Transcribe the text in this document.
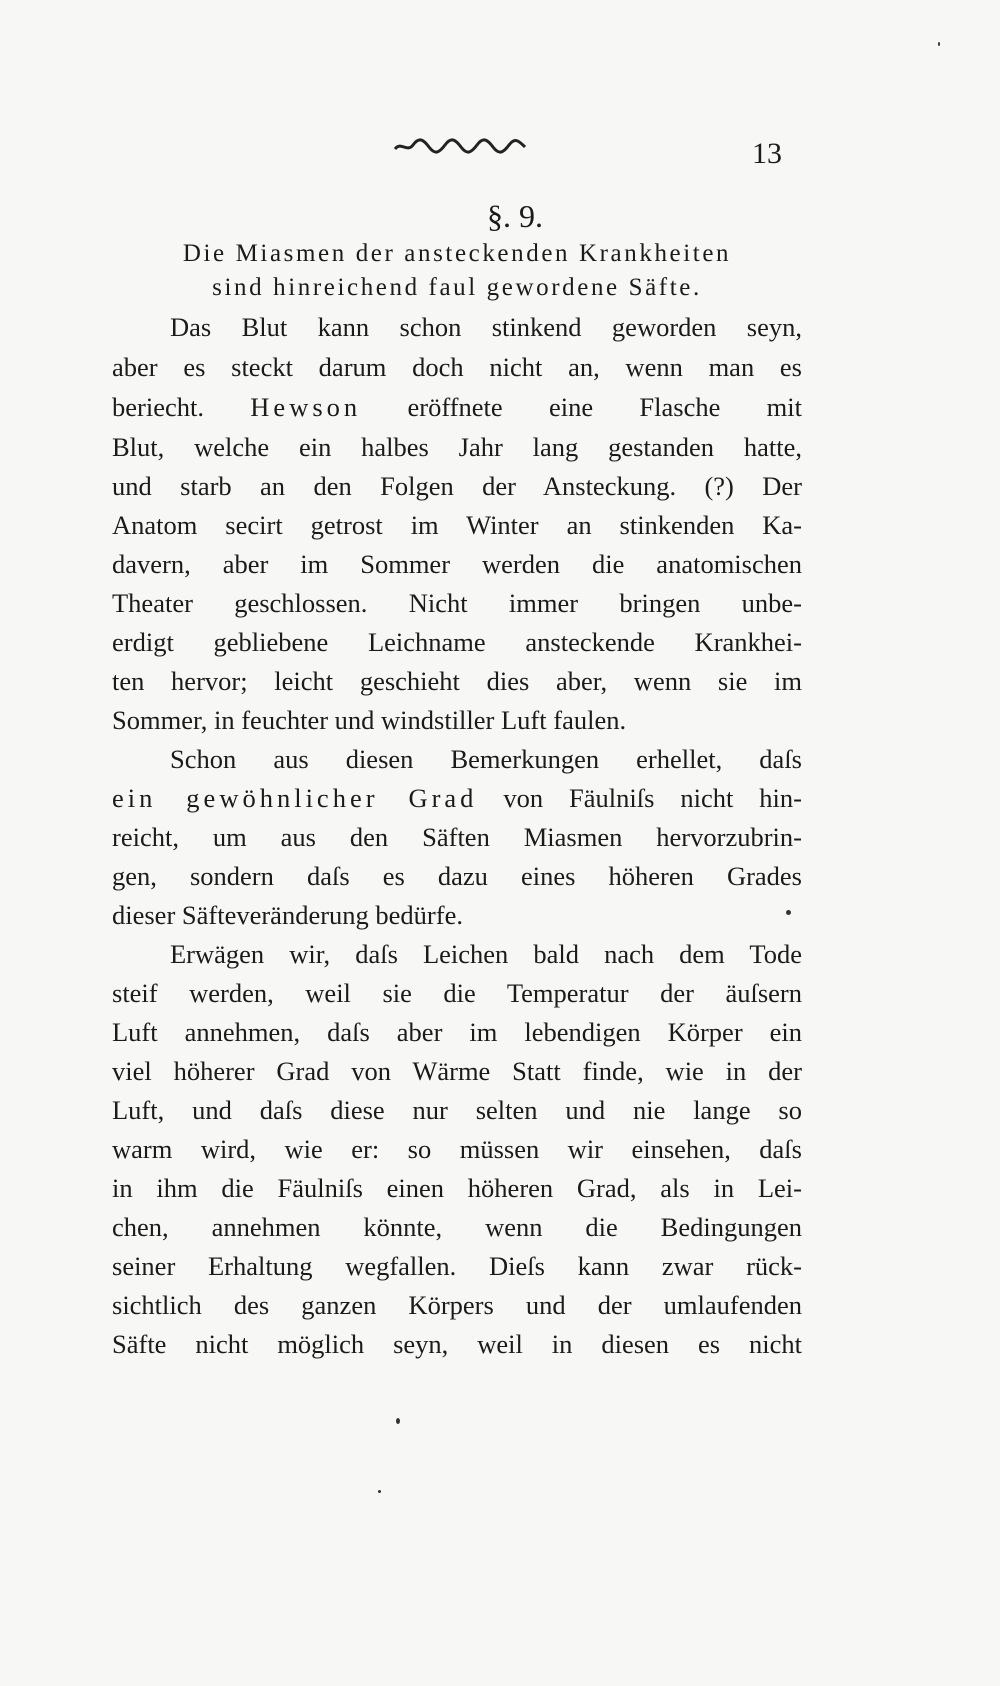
13
§. 9.
Die Miasmen der ansteckenden Krankheiten
sind hinreichend faul gewordene Säfte.
Das Blut kann schon stinkend geworden seyn,
aber es steckt darum doch nicht an, wenn man es
beriecht. Hewson eröffnete eine Flasche mit
Blut, welche ein halbes Jahr lang gestanden hatte,
und starb an den Folgen der Ansteckung. (?) Der
Anatom secirt getrost im Winter an stinkenden Ka-
davern, aber im Sommer werden die anatomischen
Theater geschlossen. Nicht immer bringen unbe-
erdigt gebliebene Leichname ansteckende Krankhei-
ten hervor; leicht geschieht dies aber, wenn sie im
Sommer, in feuchter und windstiller Luft faulen.
Schon aus diesen Bemerkungen erhellet, daſs
ein gewöhnlicher Grad von Fäulniſs nicht hin-
reicht, um aus den Säften Miasmen hervorzubrin-
gen, sondern daſs es dazu eines höheren Grades
dieser Säfteveränderung bedürfe.
Erwägen wir, daſs Leichen bald nach dem Tode
steif werden, weil sie die Temperatur der äuſsern
Luft annehmen, daſs aber im lebendigen Körper ein
viel höherer Grad von Wärme Statt finde, wie in der
Luft, und daſs diese nur selten und nie lange so
warm wird, wie er: so müssen wir einsehen, daſs
in ihm die Fäulniſs einen höheren Grad, als in Lei-
chen, annehmen könnte, wenn die Bedingungen
seiner Erhaltung wegfallen. Dieſs kann zwar rück-
sichtlich des ganzen Körpers und der umlaufenden
Säfte nicht möglich seyn, weil in diesen es nicht
